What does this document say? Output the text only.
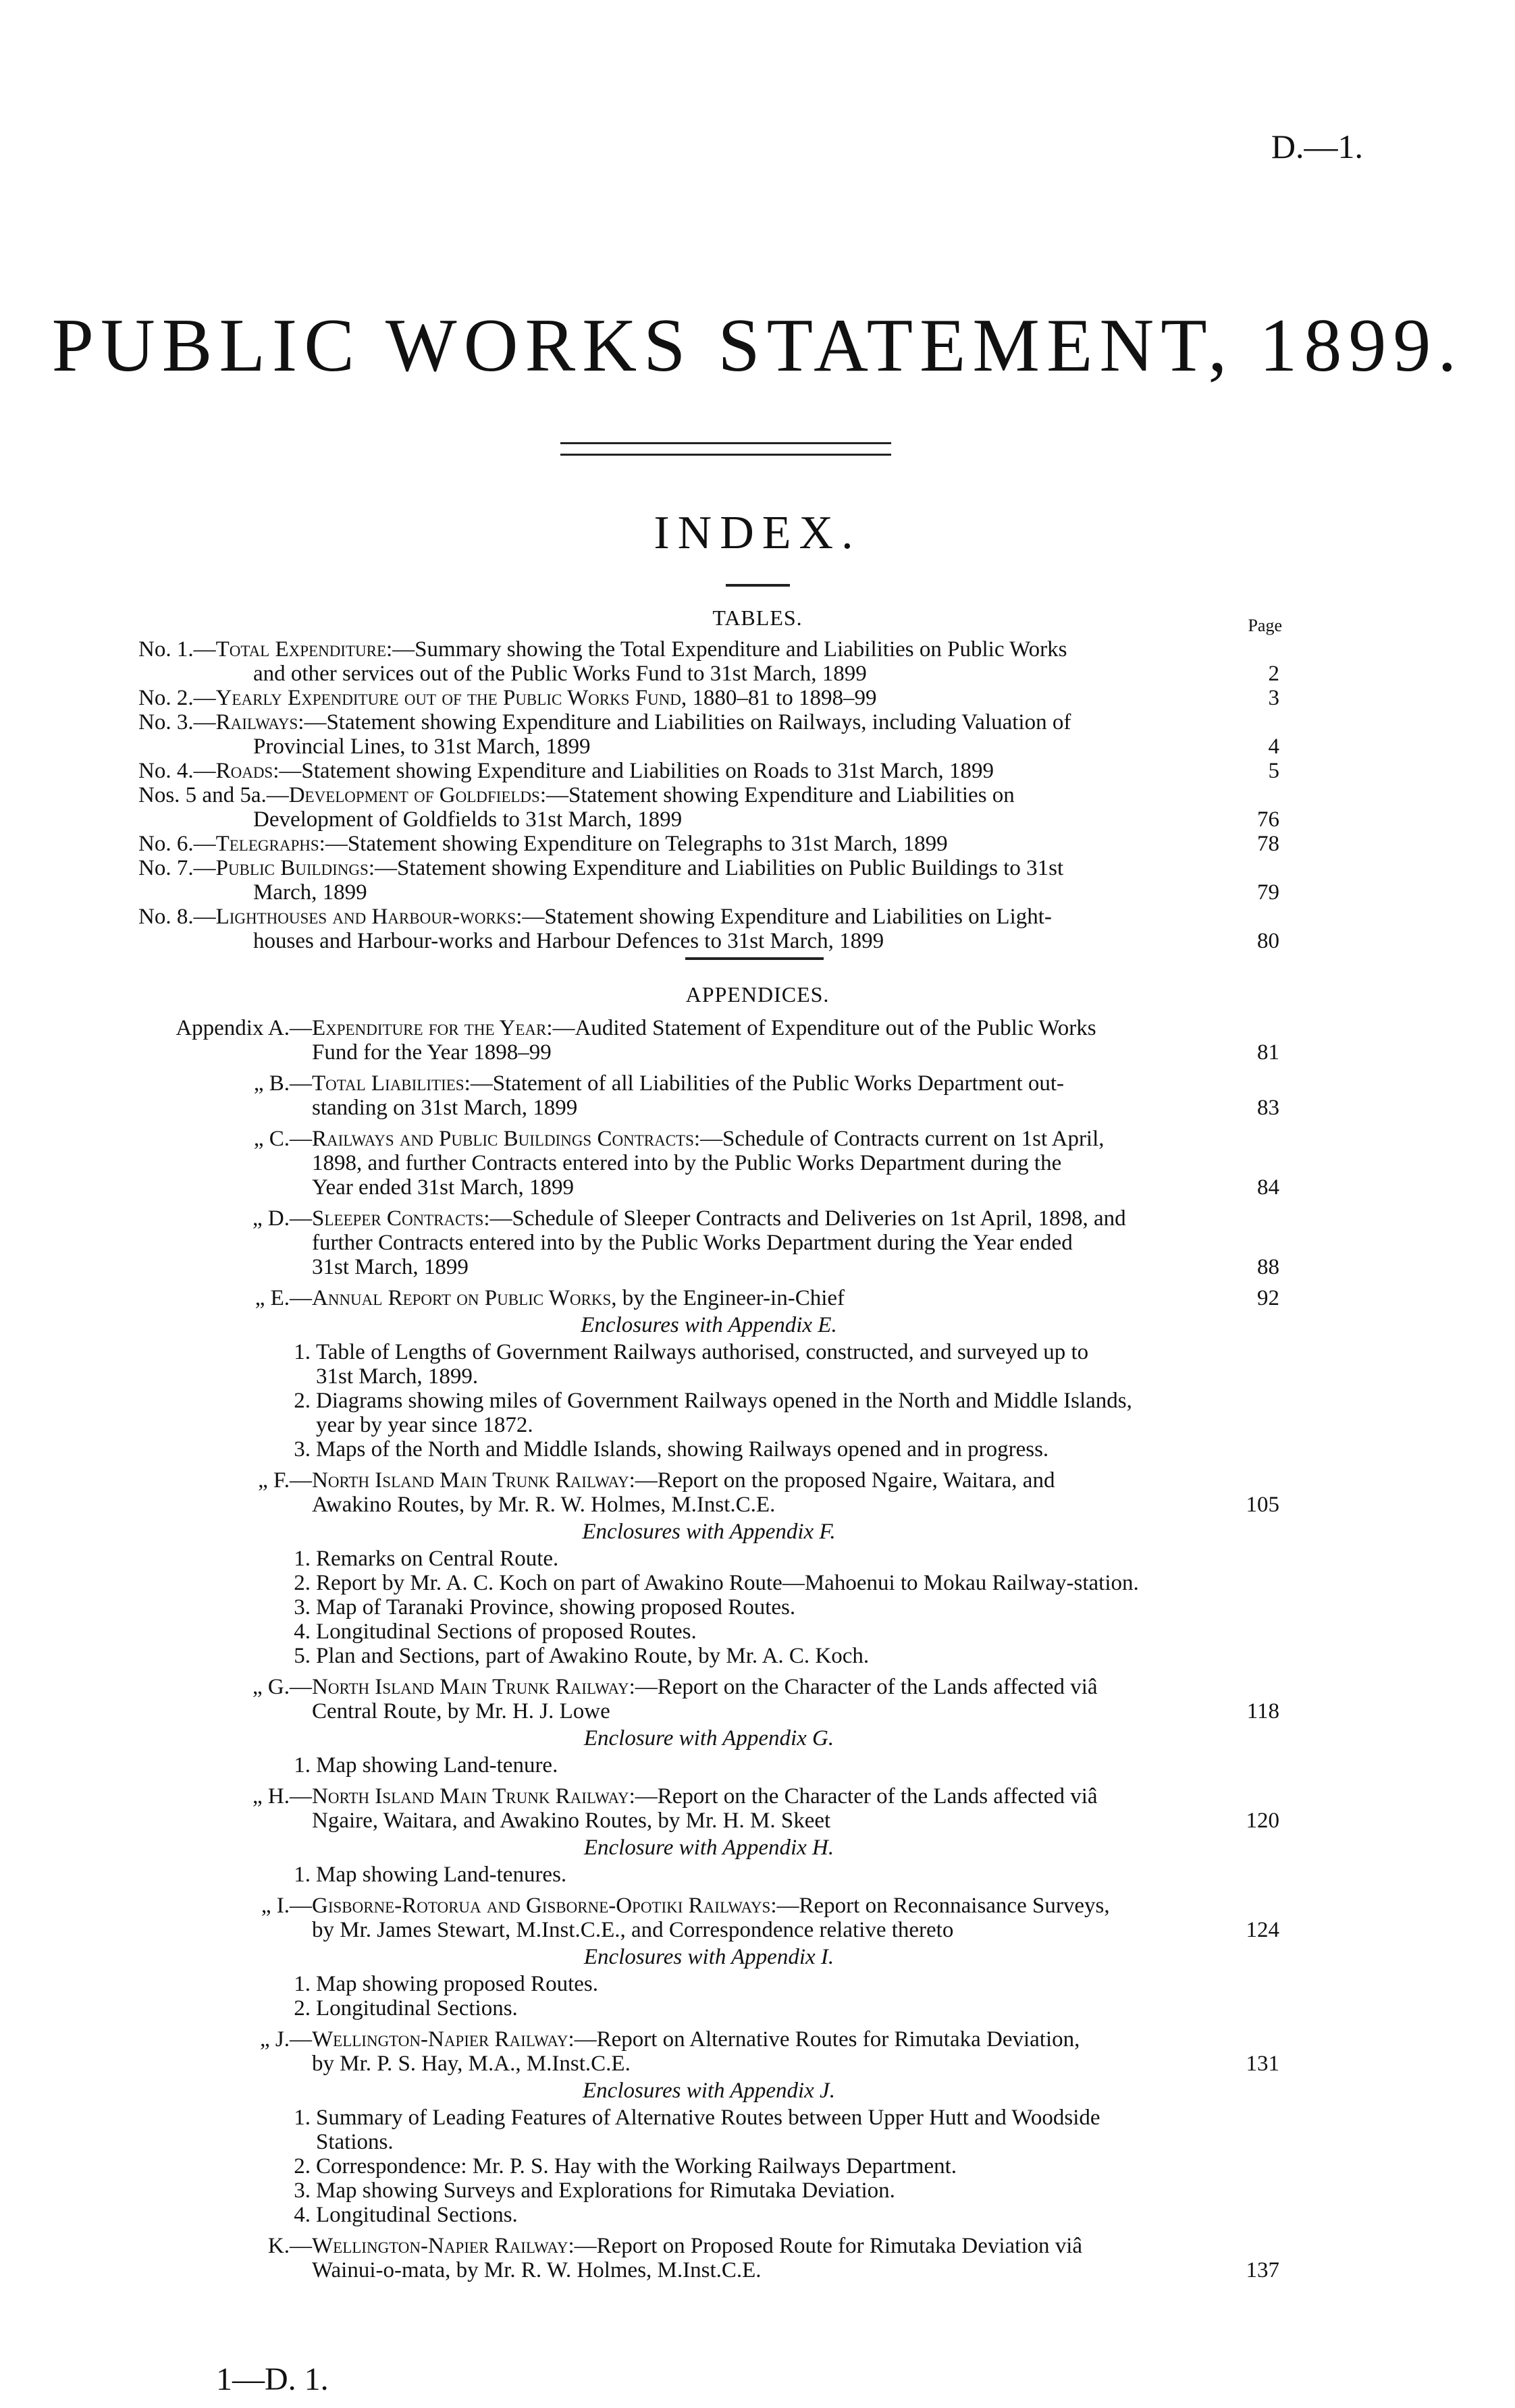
D.—1.
PUBLIC WORKS STATEMENT, 1899.
INDEX.
TABLES.	Page
No. 1.—Total Expenditure:—Summary showing the Total Expenditure and Liabilities on Public Works
and other services out of the Public Works Fund to 31st March, 1899	2
No. 2.—Yearly Expenditure out of the Public Works Fund, 1880–81 to 1898–99	3
No. 3.—Railways:—Statement showing Expenditure and Liabilities on Railways, including Valuation of
Provincial Lines, to 31st March, 1899	4
No. 4.—Roads:—Statement showing Expenditure and Liabilities on Roads to 31st March, 1899	5
Nos. 5 and 5a.—Development of Goldfields:—Statement showing Expenditure and Liabilities on
Development of Goldfields to 31st March, 1899	76
No. 6.—Telegraphs:—Statement showing Expenditure on Telegraphs to 31st March, 1899	78
No. 7.—Public Buildings:—Statement showing Expenditure and Liabilities on Public Buildings to 31st
March, 1899	79
No. 8.—Lighthouses and Harbour-works:—Statement showing Expenditure and Liabilities on Light-
houses and Harbour-works and Harbour Defences to 31st March, 1899	80
APPENDICES.
Appendix A.—Expenditure for the Year:—Audited Statement of Expenditure out of the Public Works
Fund for the Year 1898–99	81
„ B.—Total Liabilities:—Statement of all Liabilities of the Public Works Department out-
standing on 31st March, 1899	83
„ C.—Railways and Public Buildings Contracts:—Schedule of Contracts current on 1st April,
1898, and further Contracts entered into by the Public Works Department during the
Year ended 31st March, 1899	84
„ D.—Sleeper Contracts:—Schedule of Sleeper Contracts and Deliveries on 1st April, 1898, and
further Contracts entered into by the Public Works Department during the Year ended
31st March, 1899	88
„ E.—Annual Report on Public Works, by the Engineer-in-Chief	92
Enclosures with Appendix E.
1. Table of Lengths of Government Railways authorised, constructed, and surveyed up to
31st March, 1899.
2. Diagrams showing miles of Government Railways opened in the North and Middle Islands,
year by year since 1872.
3. Maps of the North and Middle Islands, showing Railways opened and in progress.
„ F.—North Island Main Trunk Railway:—Report on the proposed Ngaire, Waitara, and
Awakino Routes, by Mr. R. W. Holmes, M.Inst.C.E.	105
Enclosures with Appendix F.
1. Remarks on Central Route.
2. Report by Mr. A. C. Koch on part of Awakino Route—Mahoenui to Mokau Railway-station.
3. Map of Taranaki Province, showing proposed Routes.
4. Longitudinal Sections of proposed Routes.
5. Plan and Sections, part of Awakino Route, by Mr. A. C. Koch.
„ G.—North Island Main Trunk Railway:—Report on the Character of the Lands affected viâ
Central Route, by Mr. H. J. Lowe	118
Enclosure with Appendix G.
1. Map showing Land-tenure.
„ H.—North Island Main Trunk Railway:—Report on the Character of the Lands affected viâ
Ngaire, Waitara, and Awakino Routes, by Mr. H. M. Skeet	120
Enclosure with Appendix H.
1. Map showing Land-tenures.
„ I.—Gisborne-Rotorua and Gisborne-Opotiki Railways:—Report on Reconnaisance Surveys,
by Mr. James Stewart, M.Inst.C.E., and Correspondence relative thereto	124
Enclosures with Appendix I.
1. Map showing proposed Routes.
2. Longitudinal Sections.
„ J.—Wellington-Napier Railway:—Report on Alternative Routes for Rimutaka Deviation,
by Mr. P. S. Hay, M.A., M.Inst.C.E.	131
Enclosures with Appendix J.
1. Summary of Leading Features of Alternative Routes between Upper Hutt and Woodside
Stations.
2. Correspondence: Mr. P. S. Hay with the Working Railways Department.
3. Map showing Surveys and Explorations for Rimutaka Deviation.
4. Longitudinal Sections.
K.—Wellington-Napier Railway:—Report on Proposed Route for Rimutaka Deviation viâ
Wainui-o-mata, by Mr. R. W. Holmes, M.Inst.C.E.	137
1—D. 1.
